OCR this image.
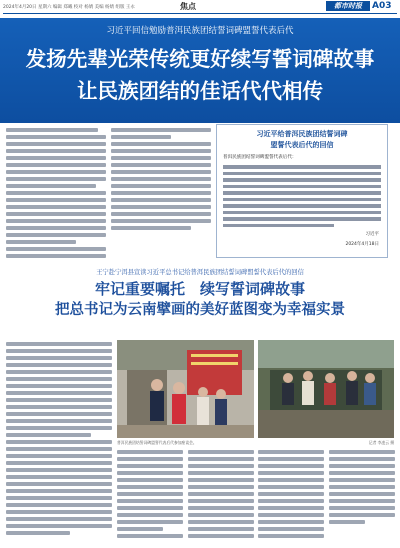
2024年4月20日 星期六 编辑 郑曦 校对 杨婧 美编 杨婧 组版 王永	焦点	都市时报	A03
习近平回信勉励普洱民族团结誓词碑盟誓代表后代
发扬先辈光荣传统更好续写誓词碑故事
让民族团结的佳话代代相传
习近平给普洱民族团结誓词碑
盟誓代表后代的回信
普洱民族团结誓词碑盟誓代表后代：
习近平
2024年4月18日
王宁赴宁洱县宣读习近平总书记给普洱民族团结誓词碑盟誓代表后代的回信
牢记重要嘱托　续写誓词碑故事
把总书记为云南擘画的美好蓝图变为幸福实景
普洱民族团结誓词碑盟誓代表后代参加座谈会。	记者 李凌云 摄
